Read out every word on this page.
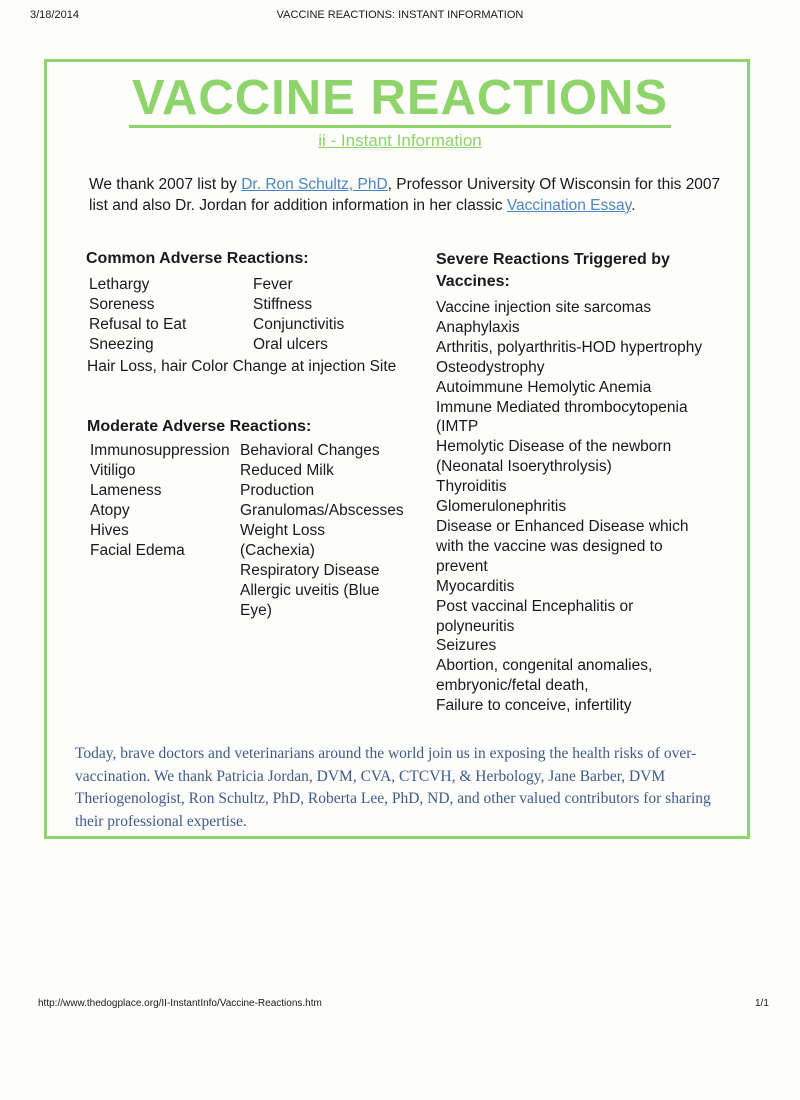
3/18/2014	VACCINE REACTIONS: INSTANT INFORMATION
VACCINE REACTIONS
ii - Instant Information
We thank 2007 list by Dr. Ron Schultz, PhD, Professor University Of Wisconsin for this 2007 list and also Dr. Jordan for addition information in her classic Vaccination Essay.
Common Adverse Reactions:
Lethargy
Soreness
Refusal to Eat
Sneezing
Fever
Stiffness
Conjunctivitis
Oral ulcers
Hair Loss, hair Color Change at injection Site
Moderate Adverse Reactions:
Immunosuppression
Vitiligo
Lameness
Atopy
Hives
Facial Edema
Behavioral Changes
Reduced Milk
Production
Granulomas/Abscesses
Weight Loss
(Cachexia)
Respiratory Disease
Allergic uveitis (Blue
Eye)
Severe Reactions Triggered by
Vaccines:
Vaccine injection site sarcomas
Anaphylaxis
Arthritis, polyarthritis-HOD hypertrophy
Osteodystrophy
Autoimmune Hemolytic Anemia
Immune Mediated thrombocytopenia
(IMTP
Hemolytic Disease of the newborn
(Neonatal Isoerythrolysis)
Thyroiditis
Glomerulonephritis
Disease or Enhanced Disease which
with the vaccine was designed to
prevent
Myocarditis
Post vaccinal Encephalitis or
polyneuritis
Seizures
Abortion, congenital anomalies,
embryonic/fetal death,
Failure to conceive, infertility
Today, brave doctors and veterinarians around the world join us in exposing the health risks of over-vaccination. We thank Patricia Jordan, DVM, CVA, CTCVH, & Herbology, Jane Barber, DVM Theriogenologist, Ron Schultz, PhD, Roberta Lee, PhD, ND, and other valued contributors for sharing their professional expertise.
http://www.thedogplace.org/II-InstantInfo/Vaccine-Reactions.htm	1/1
